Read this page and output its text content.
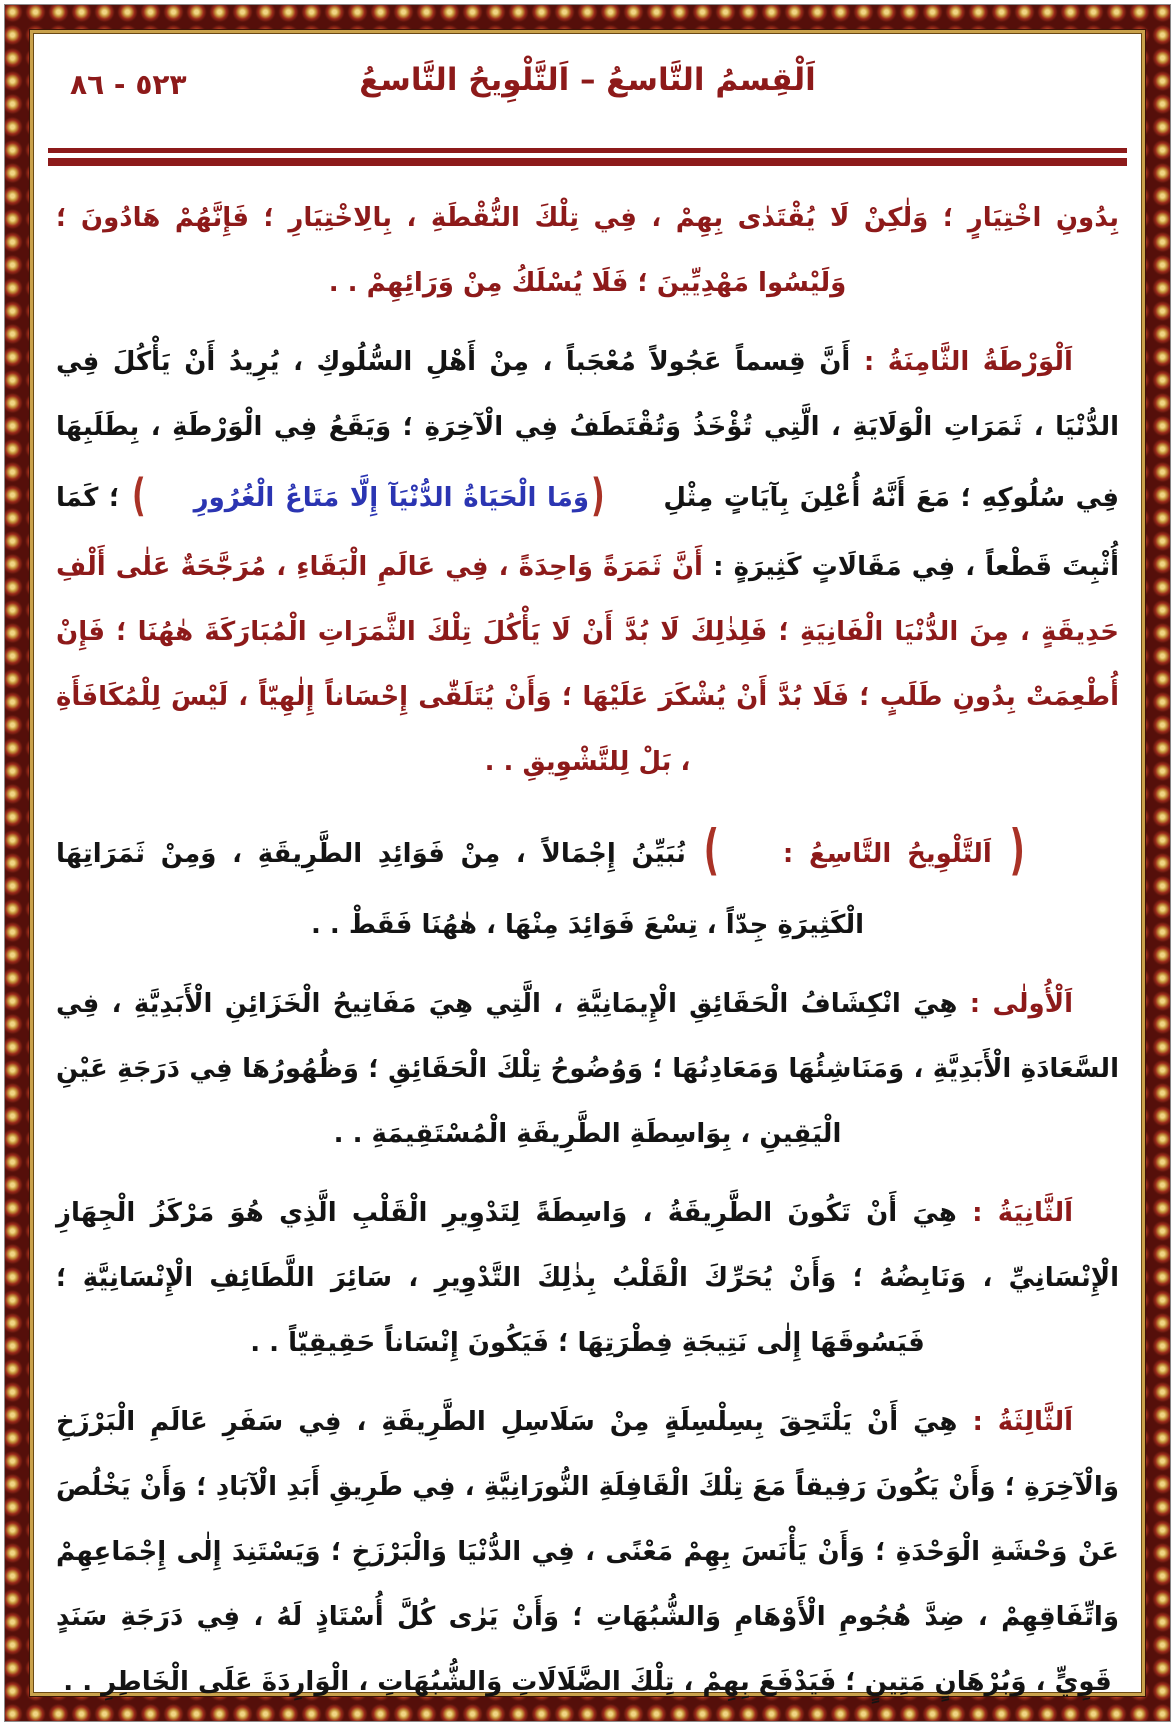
٥٢٣ - ٨٦	اَلْقِسمُ التَّاسعُ – اَلتَّلْوِيحُ التَّاسعُ

بِدُونِ اخْتِيَارٍ ؛ وَلٰكِنْ لَا يُقْتَدٰى بِهِمْ ، فِي تِلْكَ النُّقْطَةِ ، بِالِاخْتِيَارِ ؛ فَإِنَّهُمْ هَادُونَ ؛ وَلَيْسُوا مَهْدِيِّينَ ؛ فَلَا يُسْلَكُ مِنْ وَرَائِهِمْ . .

اَلْوَرْطَةُ الثَّامِنَةُ : أَنَّ قِسماً عَجُولاً مُعْجَباً ، مِنْ أَهْلِ السُّلُوكِ ، يُرِيدُ أَنْ يَأْكُلَ فِي الدُّنْيَا ، ثَمَرَاتِ الْوَلَايَةِ ، الَّتِي تُؤْخَذُ وَتُقْتَطَفُ فِي الْآخِرَةِ ؛ وَيَقَعُ فِي الْوَرْطَةِ ، بِطَلَبِهَا فِي سُلُوكِهِ ؛ مَعَ أَنَّهُ أُعْلِنَ بِآيَاتٍ مِثْلِ (وَمَا الْحَيَاةُ الدُّنْيَآ إِلَّا مَتَاعُ الْغُرُورِ) ؛ كَمَا أُثْبِتَ قَطْعاً ، فِي مَقَالَاتٍ كَثِيرَةٍ : أَنَّ ثَمَرَةً وَاحِدَةً ، فِي عَالَمِ الْبَقَاءِ ، مُرَجَّحَةٌ عَلٰى أَلْفِ حَدِيقَةٍ ، مِنَ الدُّنْيَا الْفَانِيَةِ ؛ فَلِذٰلِكَ لَا بُدَّ أَنْ لَا يَأْكُلَ تِلْكَ الثَّمَرَاتِ الْمُبَارَكَةَ هٰهُنَا ؛ فَإِنْ أُطْعِمَتْ بِدُونِ طَلَبٍ ؛ فَلَا بُدَّ أَنْ يُشْكَرَ عَلَيْهَا ؛ وَأَنْ يُتَلَقّٰى إِحْسَاناً إِلٰهِيّاً ، لَيْسَ لِلْمُكَافَأَةِ ، بَلْ لِلتَّشْوِيقِ . .

( اَلتَّلْوِيحُ التَّاسِعُ : ) نُبَيِّنُ إِجْمَالاً ، مِنْ فَوَائِدِ الطَّرِيقَةِ ، وَمِنْ ثَمَرَاتِهَا الْكَثِيرَةِ جِدّاً ، تِسْعَ فَوَائِدَ مِنْهَا ، هٰهُنَا فَقَطْ . .

اَلْأُولٰى : هِيَ انْكِشَافُ الْحَقَائِقِ الْإِيمَانِيَّةِ ، الَّتِي هِيَ مَفَاتِيحُ الْخَزَائِنِ الْأَبَدِيَّةِ ، فِي السَّعَادَةِ الْأَبَدِيَّةِ ، وَمَنَاشِئُهَا وَمَعَادِنُهَا ؛ وَوُضُوحُ تِلْكَ الْحَقَائِقِ ؛ وَظُهُورُهَا فِي دَرَجَةِ عَيْنِ الْيَقِينِ ، بِوَاسِطَةِ الطَّرِيقَةِ الْمُسْتَقِيمَةِ . .

اَلثَّانِيَةُ : هِيَ أَنْ تَكُونَ الطَّرِيقَةُ ، وَاسِطَةً لِتَدْوِيرِ الْقَلْبِ الَّذِي هُوَ مَرْكَزُ الْجِهَازِ الْإِنْسَانِيِّ ، وَنَابِضُهُ ؛ وَأَنْ يُحَرِّكَ الْقَلْبُ بِذٰلِكَ التَّدْوِيرِ ، سَائِرَ اللَّطَائِفِ الْإِنْسَانِيَّةِ ؛ فَيَسُوقَهَا إِلٰى نَتِيجَةِ فِطْرَتِهَا ؛ فَيَكُونَ إِنْسَاناً حَقِيقِيّاً . .

اَلثَّالِثَةُ : هِيَ أَنْ يَلْتَحِقَ بِسِلْسِلَةٍ مِنْ سَلَاسِلِ الطَّرِيقَةِ ، فِي سَفَرِ عَالَمِ الْبَرْزَخِ وَالْآخِرَةِ ؛ وَأَنْ يَكُونَ رَفِيقاً مَعَ تِلْكَ الْقَافِلَةِ النُّورَانِيَّةِ ، فِي طَرِيقِ أَبَدِ الْآبَادِ ؛ وَأَنْ يَخْلُصَ عَنْ وَحْشَةِ الْوَحْدَةِ ؛ وَأَنْ يَأْنَسَ بِهِمْ مَعْنًى ، فِي الدُّنْيَا وَالْبَرْزَخِ ؛ وَيَسْتَنِدَ إِلٰى إِجْمَاعِهِمْ وَاتِّفَاقِهِمْ ، ضِدَّ هُجُومِ الْأَوْهَامِ وَالشُّبُهَاتِ ؛ وَأَنْ يَرٰى كُلَّ أُسْتَاذٍ لَهُ ، فِي دَرَجَةِ سَنَدٍ قَوِيٍّ ، وَبُرْهَانٍ مَتِينٍ ؛ فَيَدْفَعَ بِهِمْ ، تِلْكَ الضَّلَالَاتِ وَالشُّبُهَاتِ ، الْوَارِدَةَ عَلَى الْخَاطِرِ . .
